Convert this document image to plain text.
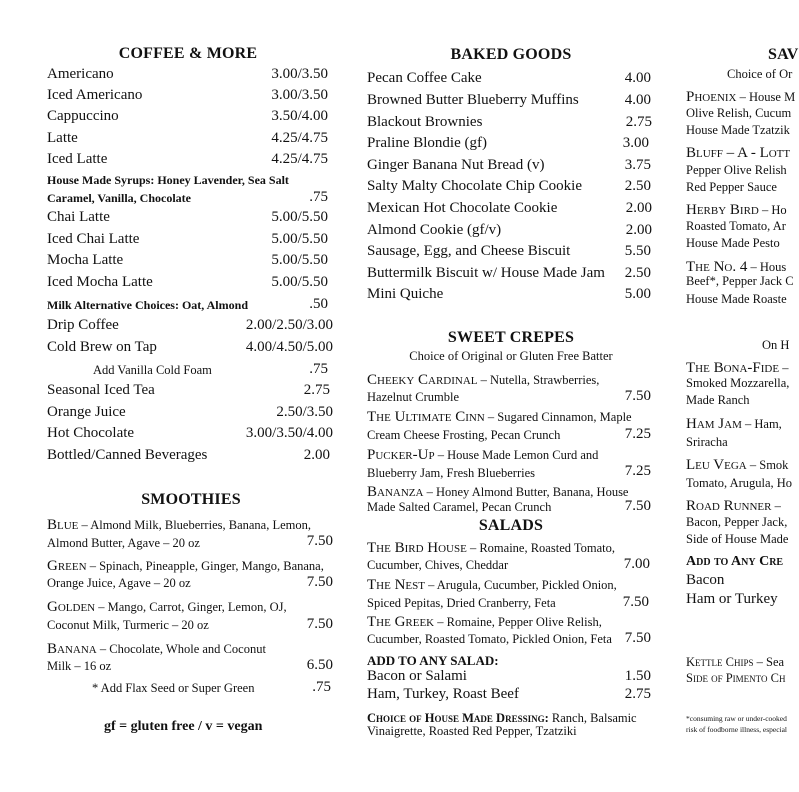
COFFEE & MORE
Americano	3.00/3.50
Iced Americano	3.00/3.50
Cappuccino	3.50/4.00
Latte	4.25/4.75
Iced Latte	4.25/4.75
House Made Syrups: Honey Lavender, Sea Salt
Caramel, Vanilla, Chocolate	.75
Chai Latte	5.00/5.50
Iced Chai Latte	5.00/5.50
Mocha Latte	5.00/5.50
Iced Mocha Latte	5.00/5.50
Milk Alternative Choices: Oat, Almond	.50
Drip Coffee	2.00/2.50/3.00
Cold Brew on Tap	4.00/4.50/5.00
Add Vanilla Cold Foam	.75
Seasonal Iced Tea	2.75
Orange Juice	2.50/3.50
Hot Chocolate	3.00/3.50/4.00
Bottled/Canned Beverages	2.00
SMOOTHIES
Blue – Almond Milk, Blueberries, Banana, Lemon,
Almond Butter, Agave – 20 oz	7.50
Green – Spinach, Pineapple, Ginger, Mango, Banana,
Orange Juice, Agave – 20 oz	7.50
Golden – Mango, Carrot, Ginger, Lemon, OJ,
Coconut Milk, Turmeric – 20 oz	7.50
Banana – Chocolate, Whole and Coconut
Milk – 16 oz	6.50
* Add Flax Seed or Super Green	.75
gf = gluten free / v = vegan
BAKED GOODS
Pecan Coffee Cake	4.00
Browned Butter Blueberry Muffins	4.00
Blackout Brownies	2.75
Praline Blondie (gf)	3.00
Ginger Banana Nut Bread (v)	3.75
Salty Malty Chocolate Chip Cookie	2.50
Mexican Hot Chocolate Cookie	2.00
Almond Cookie (gf/v)	2.00
Sausage, Egg, and Cheese Biscuit	5.50
Buttermilk Biscuit w/ House Made Jam 2.50
Mini Quiche	5.00
SWEET CREPES
Choice of Original or Gluten Free Batter
Cheeky Cardinal – Nutella, Strawberries,
Hazelnut Crumble	7.50
The Ultimate Cinn – Sugared Cinnamon, Maple
Cream Cheese Frosting, Pecan Crunch	7.25
Pucker-Up – House Made Lemon Curd and
Blueberry Jam, Fresh Blueberries	7.25
Bananza – Honey Almond Butter, Banana, House
Made Salted Caramel, Pecan Crunch	7.50
SALADS
The Bird House – Romaine, Roasted Tomato,
Cucumber, Chives, Cheddar	7.00
The Nest – Arugula, Cucumber, Pickled Onion,
Spiced Pepitas, Dried Cranberry, Feta	7.50
The Greek – Romaine, Pepper Olive Relish,
Cucumber, Roasted Tomato, Pickled Onion, Feta 7.50
ADD TO ANY SALAD:
Bacon or Salami	1.50
Ham, Turkey, Roast Beef	2.75
Choice of House Made Dressing: Ranch, Balsamic
Vinaigrette, Roasted Red Pepper, Tzatziki
SAV
Choice of Or
Phoenix – House M
Olive Relish, Cucum
House Made Tzatzik
Bluff – A - Lott
Pepper Olive Relish
Red Pepper Sauce
Herby Bird – Ho
Roasted Tomato, Ar
House Made Pesto
The No. 4 – Hous
Beef*, Pepper Jack C
House Made Roaste
On H
The Bona-Fide –
Smoked Mozzarella,
Made Ranch
Ham Jam – Ham,
Sriracha
Leu Vega – Smok
Tomato, Arugula, Ho
Road Runner –
Bacon, Pepper Jack,
Side of House Made
Add to Any Cre
Bacon
Ham or Turkey
Kettle Chips – Sea
Side of Pimento Ch
*consuming raw or under-cooked
risk of foodborne illness, especial
